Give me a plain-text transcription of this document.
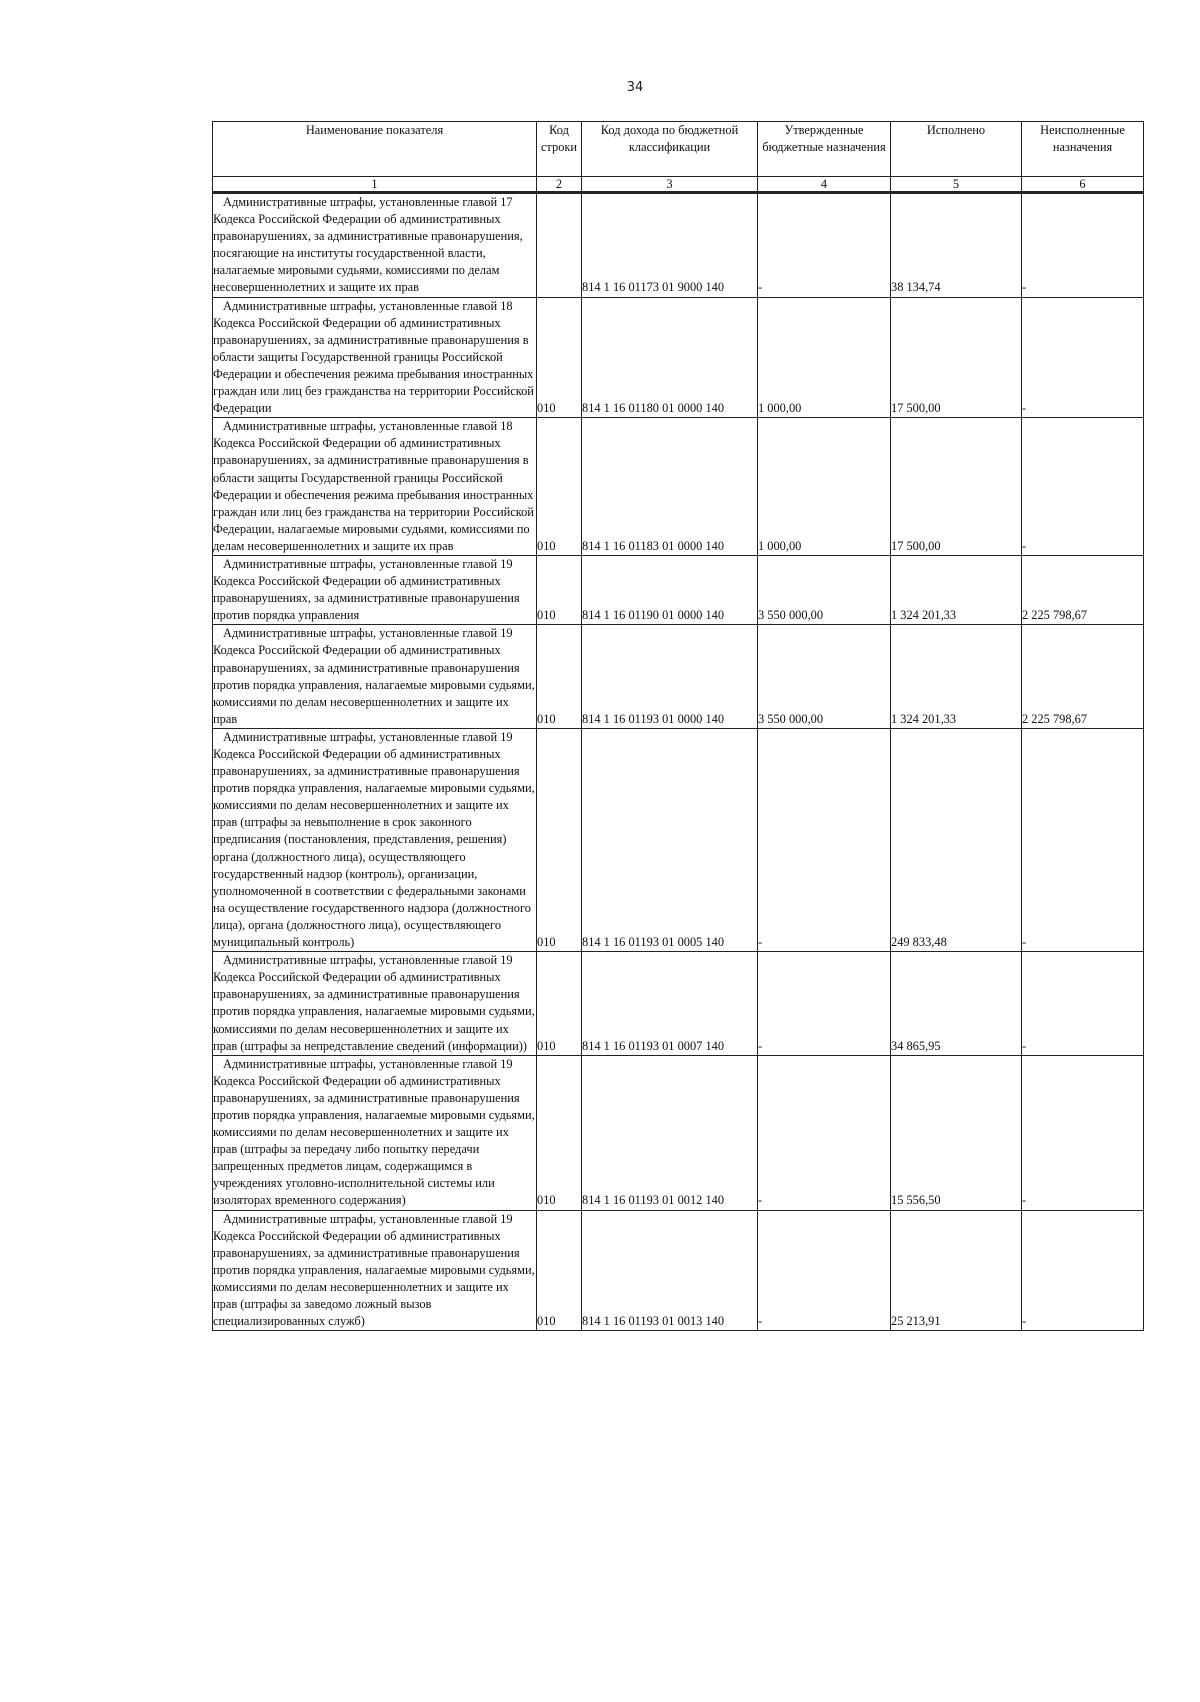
34
Наименование показателя	Код строки	Код дохода по бюджетной классификации	Утвержденные бюджетные назначения	Исполнено	Неисполненные назначения
1	2	3	4	5	6
Административные штрафы, установленные главой 17 Кодекса Российской Федерации об административных правонарушениях, за административные правонарушения, посягающие на институты государственной власти, налагаемые мировыми судьями, комиссиями по делам несовершеннолетних и защите их прав		814 1 16 01173 01 9000 140	-	38 134,74	-
Административные штрафы, установленные главой 18 Кодекса Российской Федерации об административных правонарушениях, за административные правонарушения в области защиты Государственной границы Российской Федерации и обеспечения режима пребывания иностранных граждан или лиц без гражданства на территории Российской Федерации	010	814 1 16 01180 01 0000 140	1 000,00	17 500,00	-
Административные штрафы, установленные главой 18 Кодекса Российской Федерации об административных правонарушениях, за административные правонарушения в области защиты Государственной границы Российской Федерации и обеспечения режима пребывания иностранных граждан или лиц без гражданства на территории Российской Федерации, налагаемые мировыми судьями, комиссиями по делам несовершеннолетних и защите их прав	010	814 1 16 01183 01 0000 140	1 000,00	17 500,00	-
Административные штрафы, установленные главой 19 Кодекса Российской Федерации об административных правонарушениях, за административные правонарушения против порядка управления	010	814 1 16 01190 01 0000 140	3 550 000,00	1 324 201,33	2 225 798,67
Административные штрафы, установленные главой 19 Кодекса Российской Федерации об административных правонарушениях, за административные правонарушения против порядка управления, налагаемые мировыми судьями, комиссиями по делам несовершеннолетних и защите их прав	010	814 1 16 01193 01 0000 140	3 550 000,00	1 324 201,33	2 225 798,67
Административные штрафы, установленные главой 19 Кодекса Российской Федерации об административных правонарушениях, за административные правонарушения против порядка управления, налагаемые мировыми судьями, комиссиями по делам несовершеннолетних и защите их прав (штрафы за невыполнение в срок законного предписания (постановления, представления, решения) органа (должностного лица), осуществляющего государственный надзор (контроль), организации, уполномоченной в соответствии с федеральными законами на осуществление государственного надзора (должностного лица), органа (должностного лица), осуществляющего муниципальный контроль)	010	814 1 16 01193 01 0005 140	-	249 833,48	-
Административные штрафы, установленные главой 19 Кодекса Российской Федерации об административных правонарушениях, за административные правонарушения против порядка управления, налагаемые мировыми судьями, комиссиями по делам несовершеннолетних и защите их прав (штрафы за непредставление сведений (информации))	010	814 1 16 01193 01 0007 140	-	34 865,95	-
Административные штрафы, установленные главой 19 Кодекса Российской Федерации об административных правонарушениях, за административные правонарушения против порядка управления, налагаемые мировыми судьями, комиссиями по делам несовершеннолетних и защите их прав (штрафы за передачу либо попытку передачи запрещенных предметов лицам, содержащимся в учреждениях уголовно-исполнительной системы или изоляторах временного содержания)	010	814 1 16 01193 01 0012 140	-	15 556,50	-
Административные штрафы, установленные главой 19 Кодекса Российской Федерации об административных правонарушениях, за административные правонарушения против порядка управления, налагаемые мировыми судьями, комиссиями по делам несовершеннолетних и защите их прав (штрафы за заведомо ложный вызов специализированных служб)	010	814 1 16 01193 01 0013 140	-	25 213,91	-
